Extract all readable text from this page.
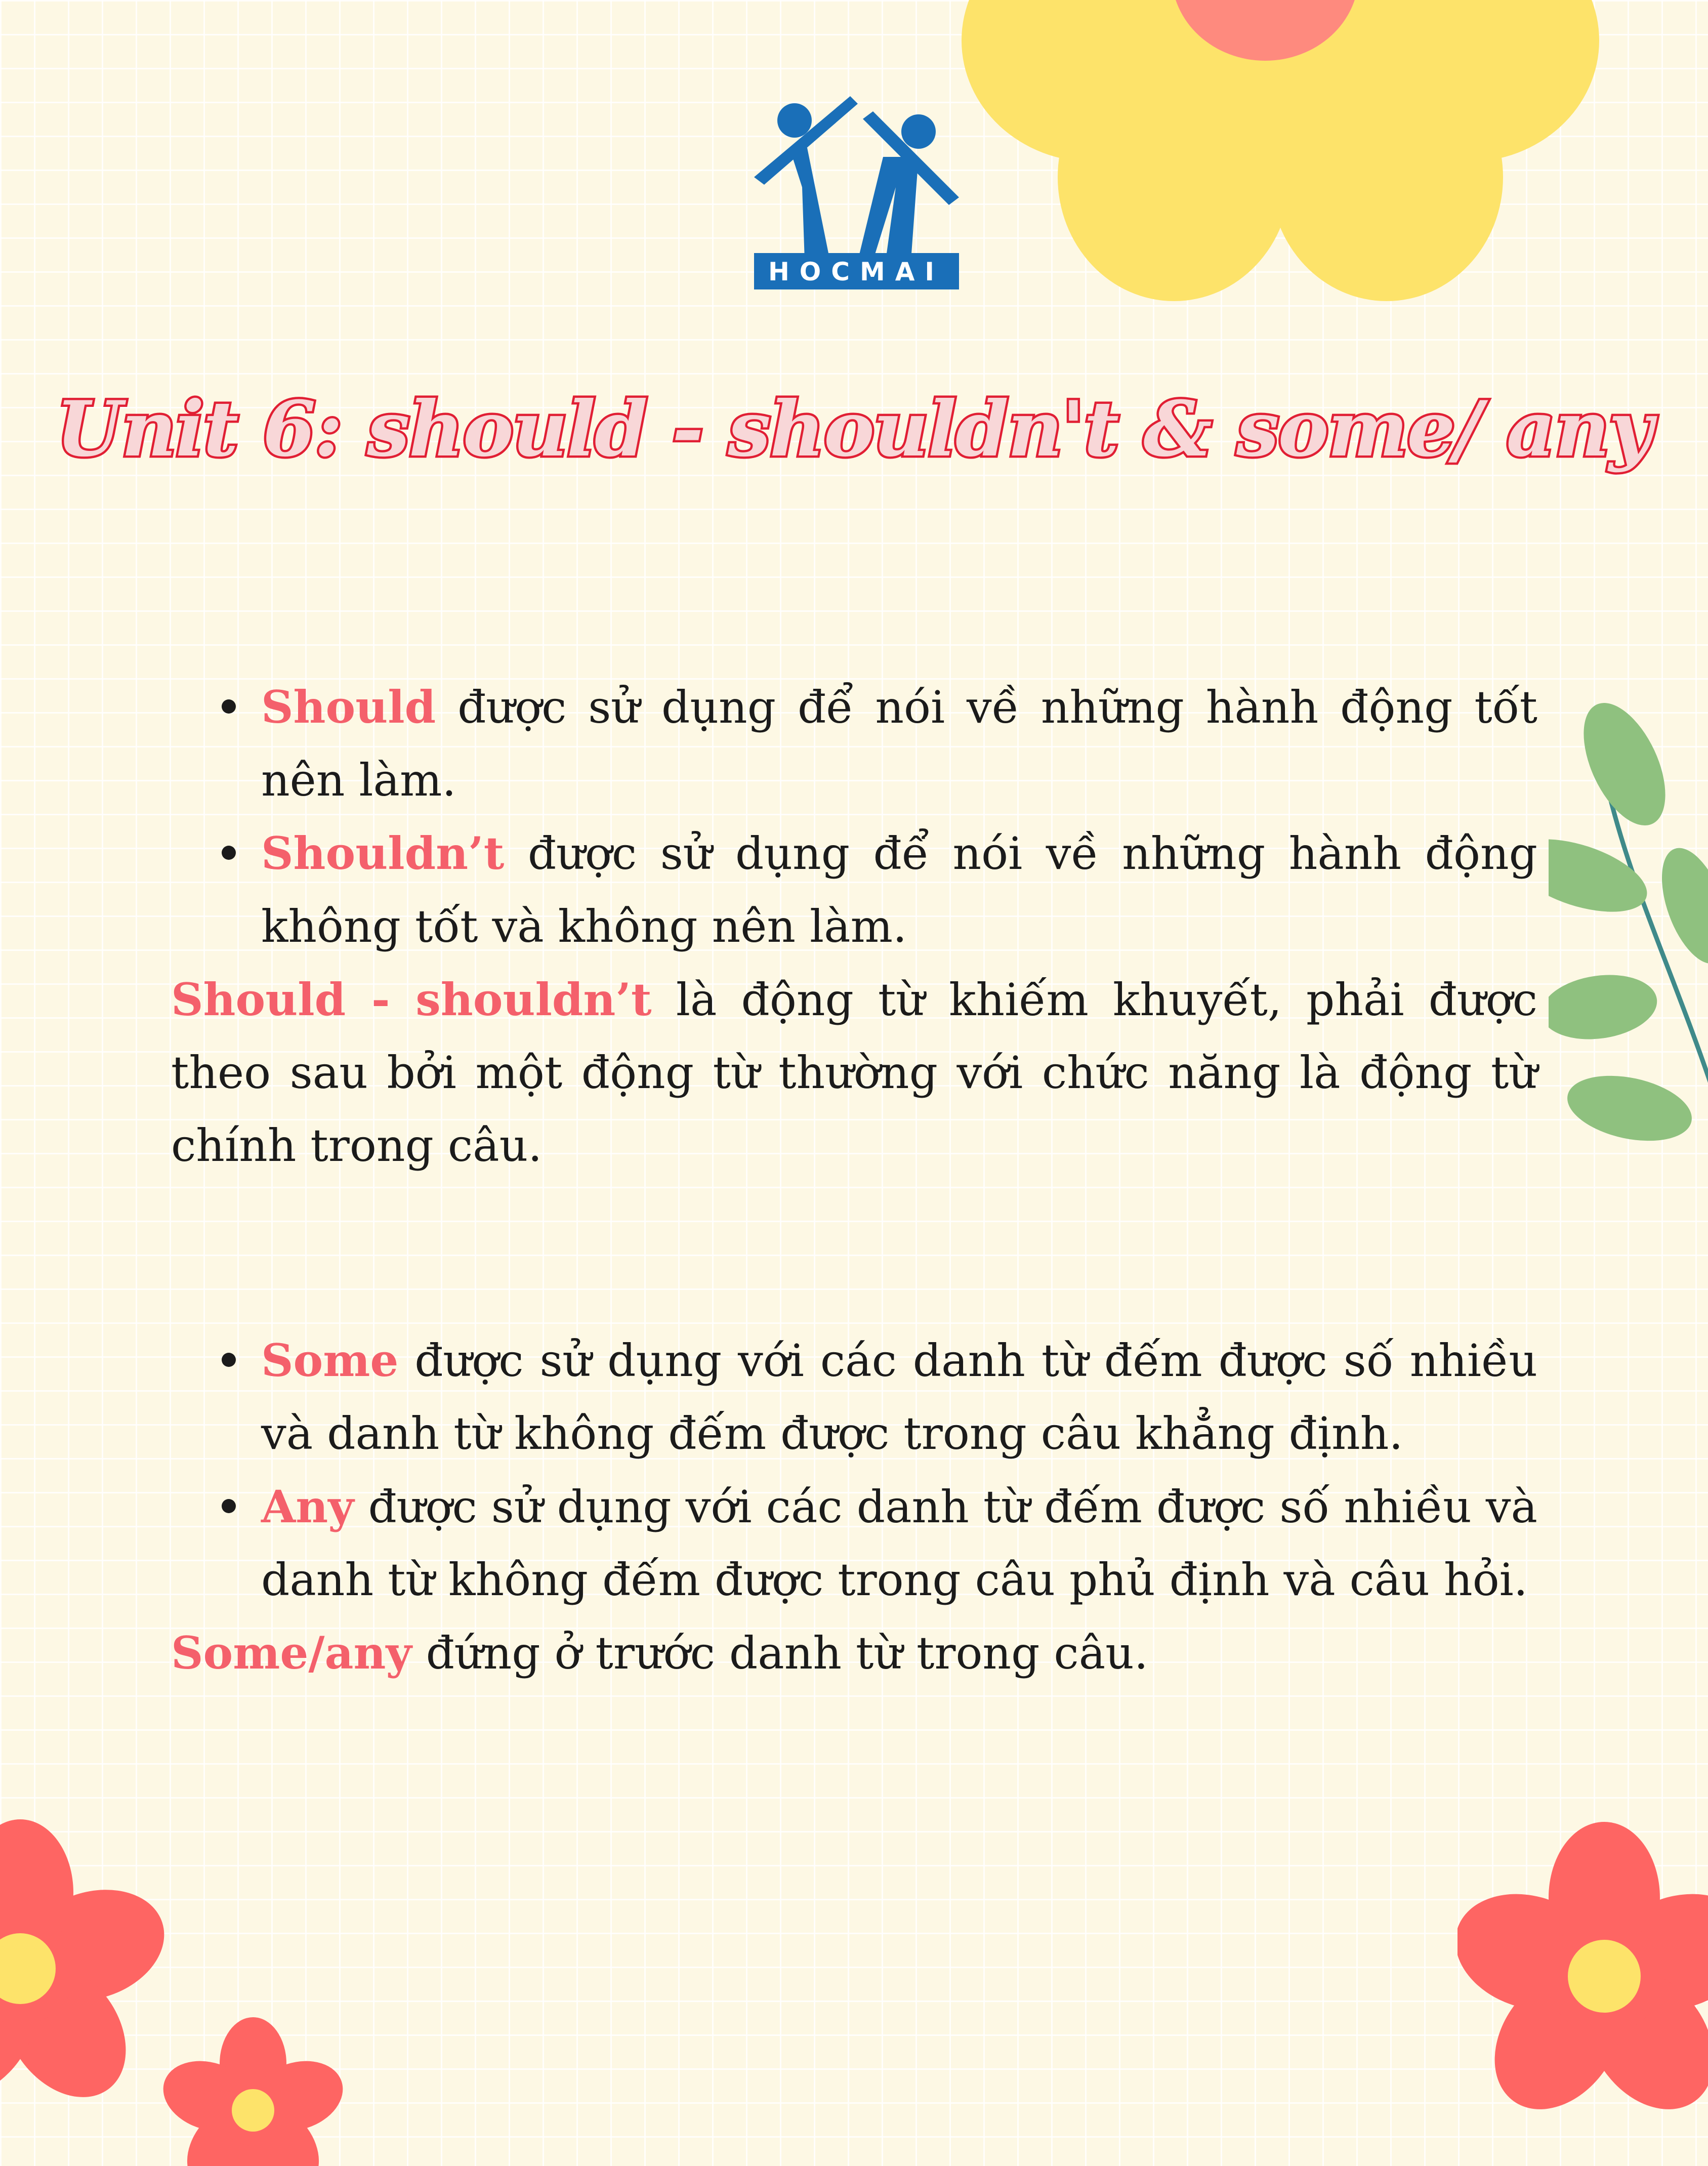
HOCMAI
Unit 6: should - shouldn't & some/ any
Should được sử dụng để nói về những hành động tốt nên làm.
Shouldn’t được sử dụng để nói về những hành động không tốt và không nên làm.

Should - shouldn’t là động từ khiếm khuyết, phải được theo sau bởi một động từ thường với chức năng là động từ chính trong câu.

Some được sử dụng với các danh từ đếm được số nhiều và danh từ không đếm được trong câu khẳng định.
Any được sử dụng với các danh từ đếm được số nhiều và danh từ không đếm được trong câu phủ định và câu hỏi.

Some/any đứng ở trước danh từ trong câu.
